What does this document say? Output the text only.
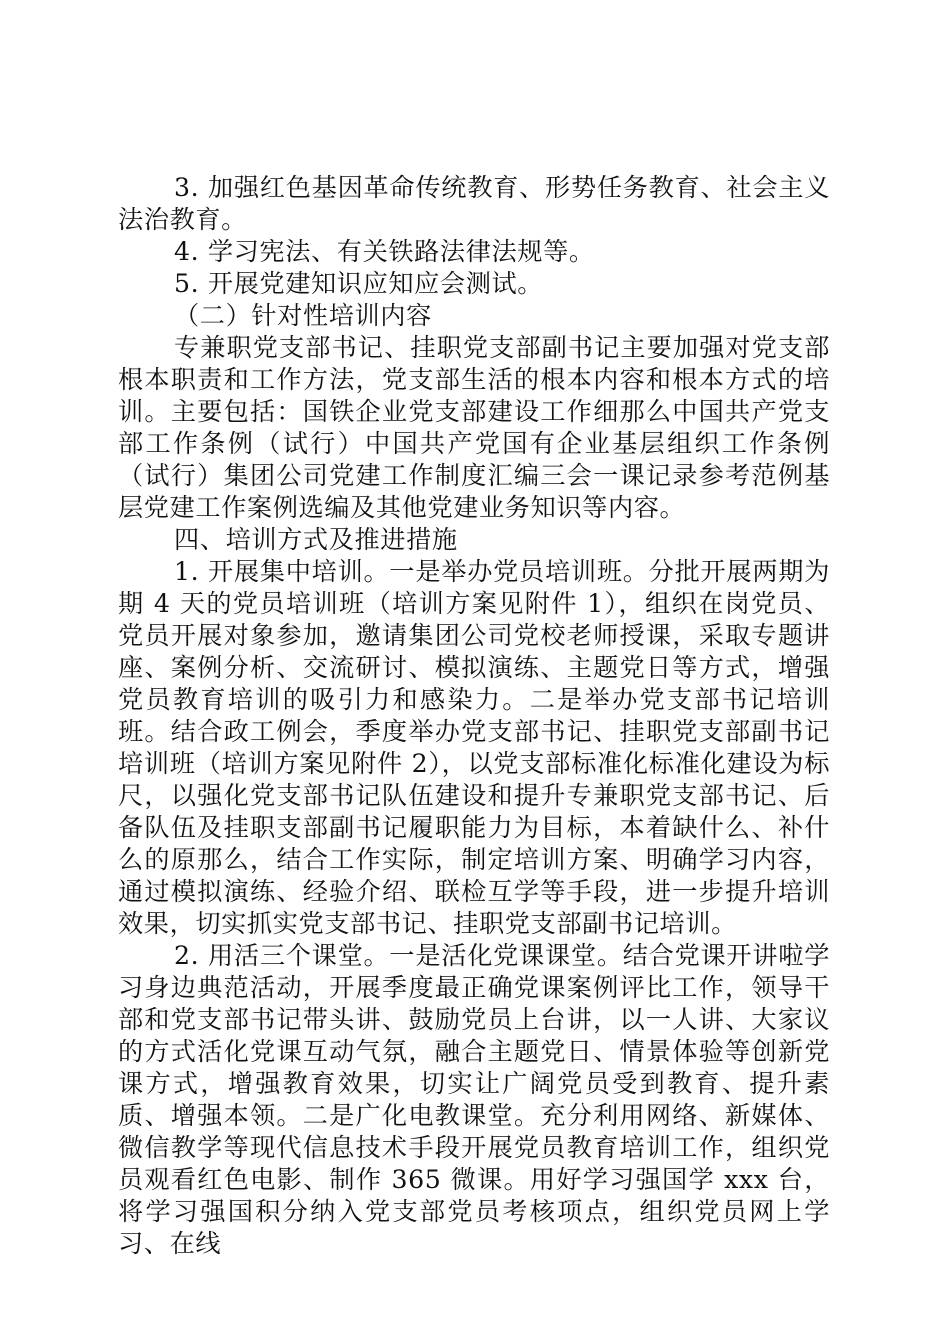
3. 加强红色基因革命传统教育、形势任务教育、社会主义法治教育。

4. 学习宪法、有关铁路法律法规等。

5. 开展党建知识应知应会测试。

（二）针对性培训内容

专兼职党支部书记、挂职党支部副书记主要加强对党支部根本职责和工作方法，党支部生活的根本内容和根本方式的培训。主要包括：国铁企业党支部建设工作细那么中国共产党支部工作条例（试行）中国共产党国有企业基层组织工作条例（试行）集团公司党建工作制度汇编三会一课记录参考范例基层党建工作案例选编及其他党建业务知识等内容。

四、培训方式及推进措施

1. 开展集中培训。一是举办党员培训班。分批开展两期为期 4 天的党员培训班（培训方案见附件 1），组织在岗党员、党员开展对象参加，邀请集团公司党校老师授课，采取专题讲座、案例分析、交流研讨、模拟演练、主题党日等方式，增强党员教育培训的吸引力和感染力。二是举办党支部书记培训班。结合政工例会，季度举办党支部书记、挂职党支部副书记培训班（培训方案见附件 2），以党支部标准化标准化建设为标尺，以强化党支部书记队伍建设和提升专兼职党支部书记、后备队伍及挂职支部副书记履职能力为目标，本着缺什么、补什么的原那么，结合工作实际，制定培训方案、明确学习内容，通过模拟演练、经验介绍、联检互学等手段，进一步提升培训效果，切实抓实党支部书记、挂职党支部副书记培训。

2. 用活三个课堂。一是活化党课课堂。结合党课开讲啦学习身边典范活动，开展季度最正确党课案例评比工作，领导干部和党支部书记带头讲、鼓励党员上台讲，以一人讲、大家议的方式活化党课互动气氛，融合主题党日、情景体验等创新党课方式，增强教育效果，切实让广阔党员受到教育、提升素质、增强本领。二是广化电教课堂。充分利用网络、新媒体、微信教学等现代信息技术手段开展党员教育培训工作，组织党员观看红色电影、制作 365 微课。用好学习强国学 xxx 台，将学习强国积分纳入党支部党员考核项点，组织党员网上学习、在线
